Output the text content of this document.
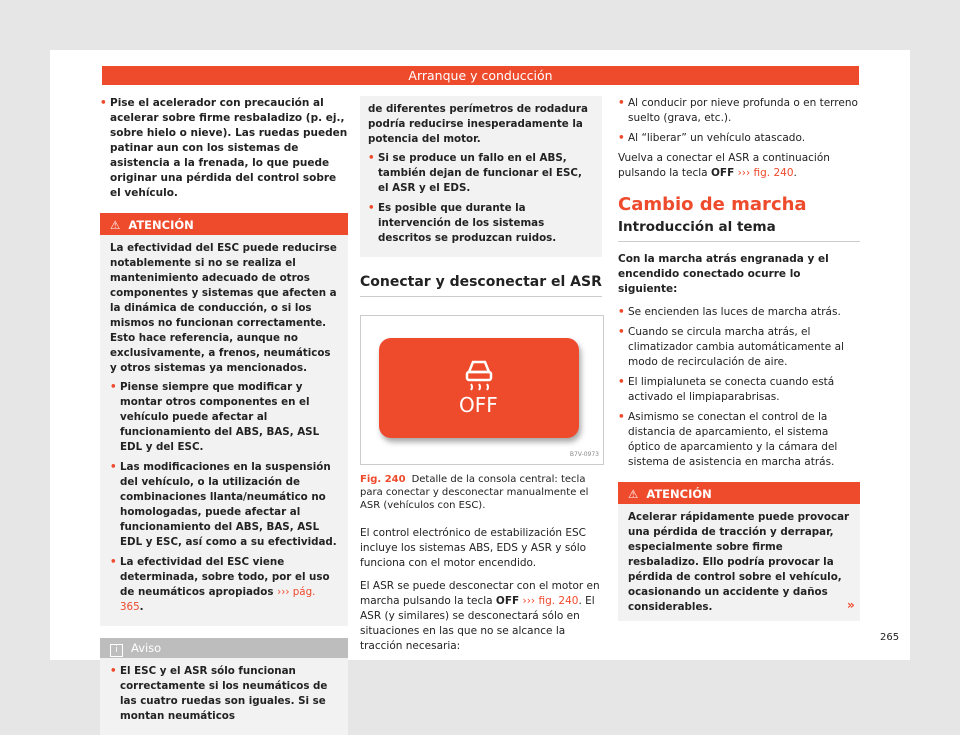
Arranque y conducción
• Pise el acelerador con precaución al acelerar sobre firme resbaladizo (p. ej., sobre hielo o nieve). Las ruedas pueden patinar aun con los sistemas de asistencia a la frenada, lo que puede originar una pérdida del control sobre el vehículo.
⚠ ATENCIÓN

La efectividad del ESC puede reducirse notablemente si no se realiza el mantenimiento adecuado de otros componentes y sistemas que afecten a la dinámica de conducción, o si los mismos no funcionan correctamente. Esto hace referencia, aunque no exclusivamente, a frenos, neumáticos y otros sistemas ya mencionados.

• Piense siempre que modificar y montar otros componentes en el vehículo puede afectar al funcionamiento del ABS, BAS, ASL EDL y del ESC.
• Las modificaciones en la suspensión del vehículo, o la utilización de combinaciones llanta/neumático no homologadas, puede afectar al funcionamiento del ABS, BAS, ASL EDL y ESC, así como a su efectividad.
• La efectividad del ESC viene determinada, sobre todo, por el uso de neumáticos apropiados ››› pág. 365.
i Aviso
• El ESC y el ASR sólo funcionan correctamente si los neumáticos de las cuatro ruedas son iguales. Si se montan neumáticos

de diferentes perímetros de rodadura podría reducirse inesperadamente la potencia del motor.

• Si se produce un fallo en el ABS, también dejan de funcionar el ESC, el ASR y el EDS.
• Es posible que durante la intervención de los sistemas descritos se produzcan ruidos.
Conectar y desconectar el ASR
OFF
B7V-0973
Fig. 240 Detalle de la consola central: tecla para conectar y desconectar manualmente el ASR (vehículos con ESC).

El control electrónico de estabilización ESC incluye los sistemas ABS, EDS y ASR y sólo funciona con el motor encendido.

El ASR se puede desconectar con el motor en marcha pulsando la tecla OFF ››› fig. 240. El ASR (y similares) se desconectará sólo en situaciones en las que no se alcance la tracción necesaria:

• Al conducir por nieve profunda o en terreno suelto (grava, etc.).
• Al “liberar” un vehículo atascado.

Vuelva a conectar el ASR a continuación pulsando la tecla OFF ››› fig. 240.

Cambio de marcha
Introducción al tema

Con la marcha atrás engranada y el encendido conectado ocurre lo siguiente:

• Se encienden las luces de marcha atrás.
• Cuando se circula marcha atrás, el climatizador cambia automáticamente al modo de recirculación de aire.
• El limpialuneta se conecta cuando está activado el limpiaparabrisas.
• Asimismo se conectan el control de la distancia de aparcamiento, el sistema óptico de aparcamiento y la cámara del sistema de asistencia en marcha atrás.
⚠ ATENCIÓN
Acelerar rápidamente puede provocar una pérdida de tracción y derrapar, especialmente sobre firme resbaladizo. Ello podría provocar la pérdida de control sobre el vehículo, ocasionando un accidente y daños considerables.	»
265
